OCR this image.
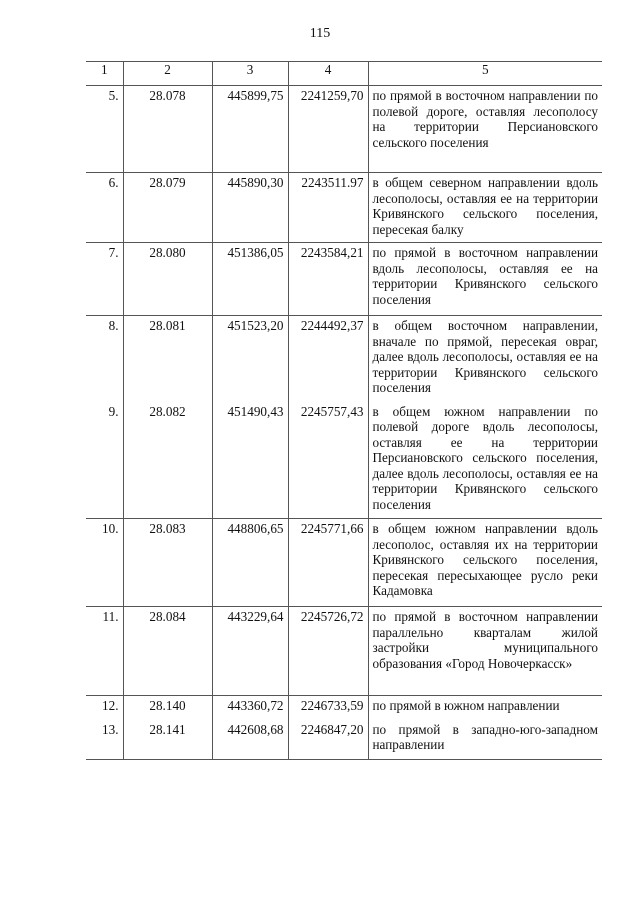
115
1	2	3	4	5
5.	28.078	445899,75	2241259,70	по прямой в восточном направлении по полевой дороге, оставляя лесополосу на территории Персиановского сельского поселения
6.	28.079	445890,30	2243511.97	в общем северном направлении вдоль лесополосы, оставляя ее на территории Кривянского сельского поселения, пересекая балку
7.	28.080	451386,05	2243584,21	по прямой в восточном направлении вдоль лесополосы, оставляя ее на территории Кривянского сельского поселения
8.	28.081	451523,20	2244492,37	в общем восточном направлении, вначале по прямой, пересекая овраг, далее вдоль лесополосы, оставляя ее на территории Кривянского сельского поселения
9.	28.082	451490,43	2245757,43	в общем южном направлении по полевой дороге вдоль лесополосы, оставляя ее на территории Персиановского сельского поселения, далее вдоль лесополосы, оставляя ее на территории Кривянского сельского поселения
10.	28.083	448806,65	2245771,66	в общем южном направлении вдоль лесополос, оставляя их на территории Кривянского сельского поселения, пересекая пересыхающее русло реки Кадамовка
11.	28.084	443229,64	2245726,72	по прямой в восточном направлении параллельно кварталам жилой застройки муниципального образования «Город Новочеркасск»
12.	28.140	443360,72	2246733,59	по прямой в южном направлении
13.	28.141	442608,68	2246847,20	по прямой в западно-юго-западном направлении
